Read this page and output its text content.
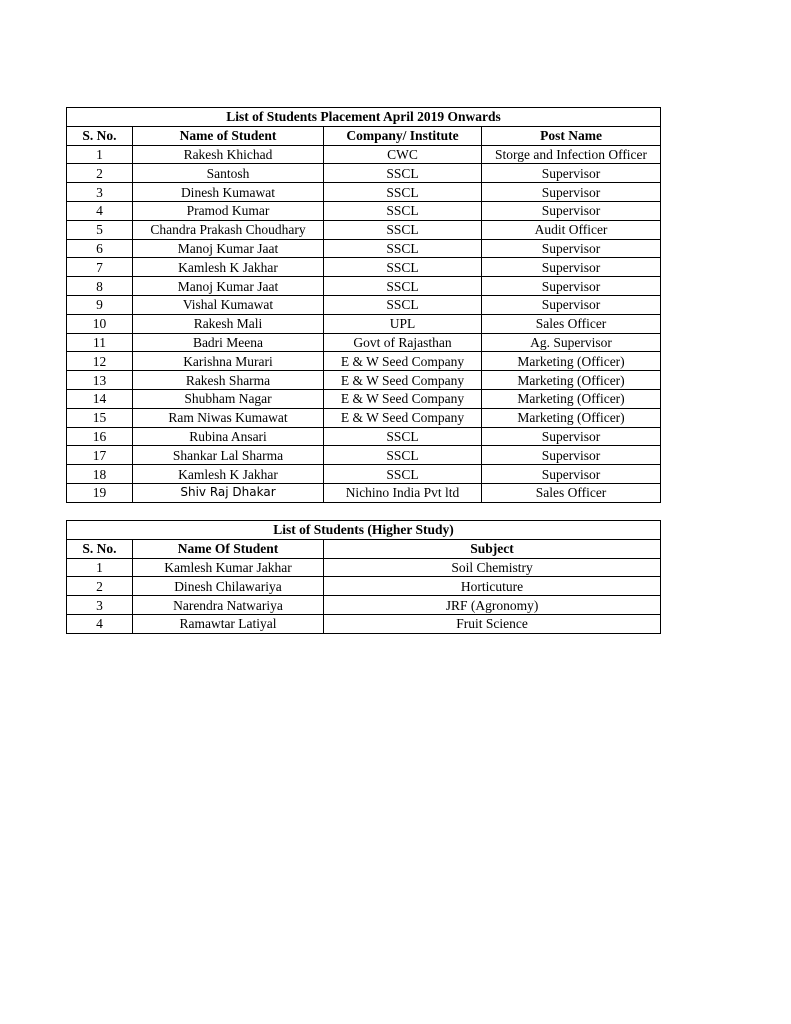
List of Students Placement April 2019 Onwards			
S. No.	Name of Student	Company/ Institute	Post Name
1	Rakesh Khichad	CWC	Storge and Infection Officer
2	Santosh	SSCL	Supervisor
3	Dinesh Kumawat	SSCL	Supervisor
4	Pramod Kumar	SSCL	Supervisor
5	Chandra Prakash Choudhary	SSCL	Audit Officer
6	Manoj Kumar Jaat	SSCL	Supervisor
7	Kamlesh K Jakhar	SSCL	Supervisor
8	Manoj Kumar Jaat	SSCL	Supervisor
9	Vishal Kumawat	SSCL	Supervisor
10	Rakesh Mali	UPL	Sales Officer
11	Badri Meena	Govt of Rajasthan	Ag. Supervisor
12	Karishna Murari	E & W Seed Company	Marketing (Officer)
13	Rakesh Sharma	E & W Seed Company	Marketing (Officer)
14	Shubham Nagar	E & W Seed Company	Marketing (Officer)
15	Ram Niwas Kumawat	E & W Seed Company	Marketing (Officer)
16	Rubina Ansari	SSCL	Supervisor
17	Shankar Lal Sharma	SSCL	Supervisor
18	Kamlesh K Jakhar	SSCL	Supervisor
19	Shiv Raj Dhakar	Nichino India Pvt ltd	Sales Officer
List of Students (Higher Study)		
S. No.	Name Of Student	Subject
1	Kamlesh Kumar Jakhar	Soil Chemistry
2	Dinesh Chilawariya	Horticuture
3	Narendra Natwariya	JRF (Agronomy)
4	Ramawtar Latiyal	Fruit Science
